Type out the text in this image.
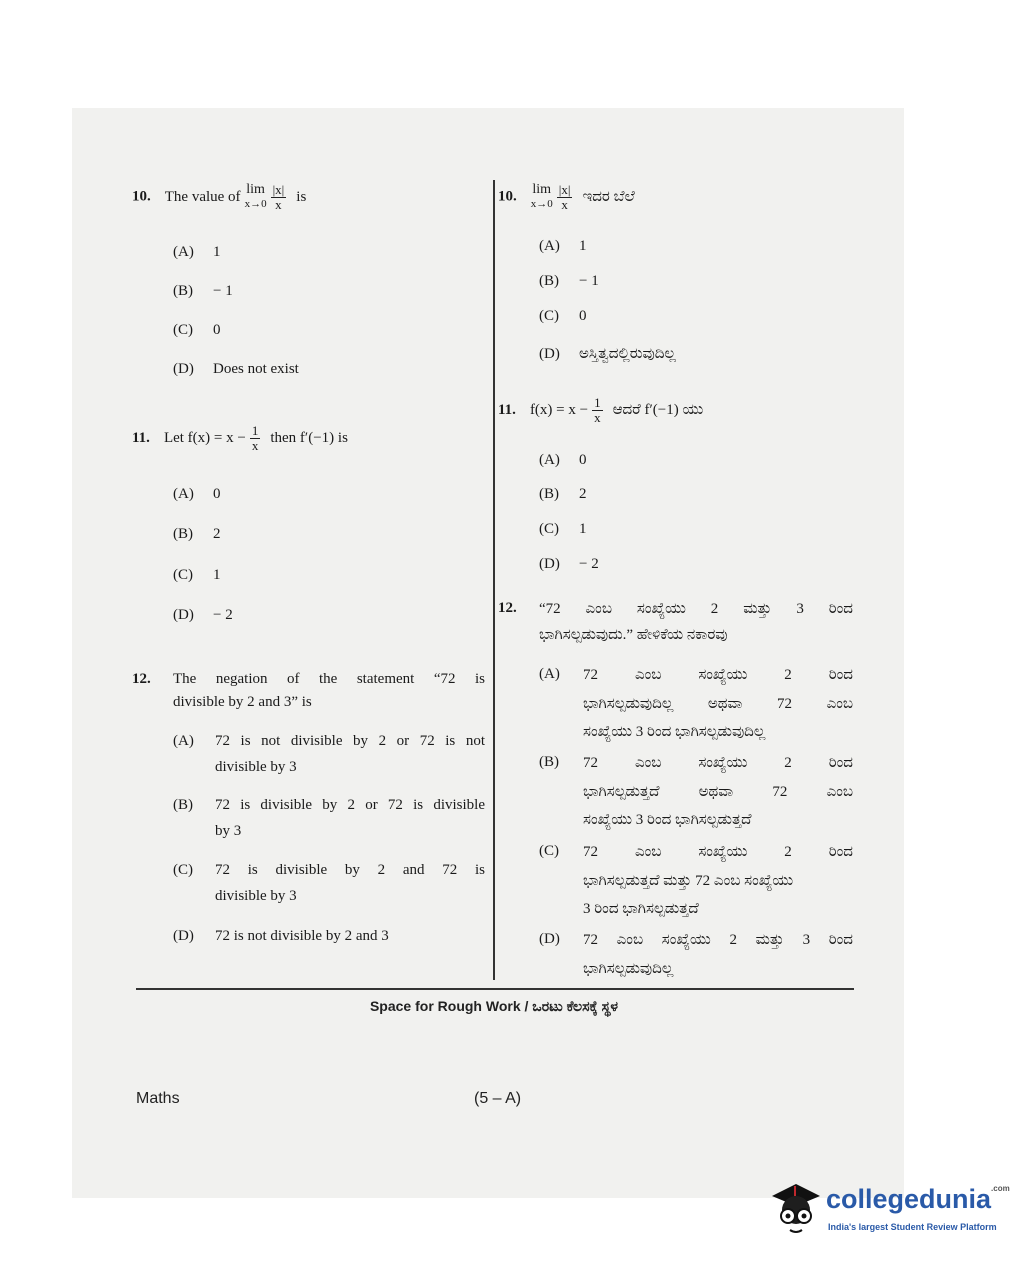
10. The value of lim
x→0
$\frac{|x|}{x}$ is
(A) 1
(B) − 1
(C) 0
(D) Does not exist
11. Let $f(x) = x - \frac{1}{x}$ then f′(−1) is
(A) 0
(B) 2
(C) 1
(D) − 2
12. The negation of the statement “72 is
divisible by 2 and 3” is
(A)	72 is not divisible by 2 or 72 is not
divisible by 3
(B)	72 is divisible by 2 or 72 is divisible
by 3
(C)	72 is divisible by 2 and 72 is
divisible by 3
(D)	72 is not divisible by 2 and 3
10. lim
x→0
$\frac{|x|}{x}$ ಇದರ ಬೆಲೆ
(A) 1
(B) − 1
(C) 0
(D) ಅಸ್ತಿತ್ವದಲ್ಲಿರುವುದಿಲ್ಲ
11. $f(x) = x - \frac{1}{x}$ ಆದರೆ f′(−1) ಯು
(A) 0
(B) 2
(C) 1
(D) − 2
12. “72 ಎಂಬ ಸಂಖ್ಯೆಯು 2 ಮತ್ತು 3 ರಿಂದ
ಭಾಗಿಸಲ್ಪಡುವುದು.” ಹೇಳಿಕೆಯ ನಕಾರವು
(A)	72 ಎಂಬ ಸಂಖ್ಯೆಯು 2 ರಿಂದ
ಭಾಗಿಸಲ್ಪಡುವುದಿಲ್ಲ ಅಥವಾ 72 ಎಂಬ
ಸಂಖ್ಯೆಯು 3 ರಿಂದ ಭಾಗಿಸಲ್ಪಡುವುದಿಲ್ಲ
(B)	72 ಎಂಬ ಸಂಖ್ಯೆಯು 2 ರಿಂದ
ಭಾಗಿಸಲ್ಪಡುತ್ತದೆ ಅಥವಾ 72 ಎಂಬ
ಸಂಖ್ಯೆಯು 3 ರಿಂದ ಭಾಗಿಸಲ್ಪಡುತ್ತದೆ
(C)	72 ಎಂಬ ಸಂಖ್ಯೆಯು 2 ರಿಂದ
ಭಾಗಿಸಲ್ಪಡುತ್ತದೆ ಮತ್ತು 72 ಎಂಬ ಸಂಖ್ಯೆಯು
3 ರಿಂದ ಭಾಗಿಸಲ್ಪಡುತ್ತದೆ
(D)	72 ಎಂಬ ಸಂಖ್ಯೆಯು 2 ಮತ್ತು 3 ರಿಂದ
ಭಾಗಿಸಲ್ಪಡುವುದಿಲ್ಲ
Space for Rough Work / ಒರಟು ಕೆಲಸಕ್ಕೆ ಸ್ಥಳ
Maths	(5 – A)
collegedunia$^{.com}$
India's largest Student Review Platform
